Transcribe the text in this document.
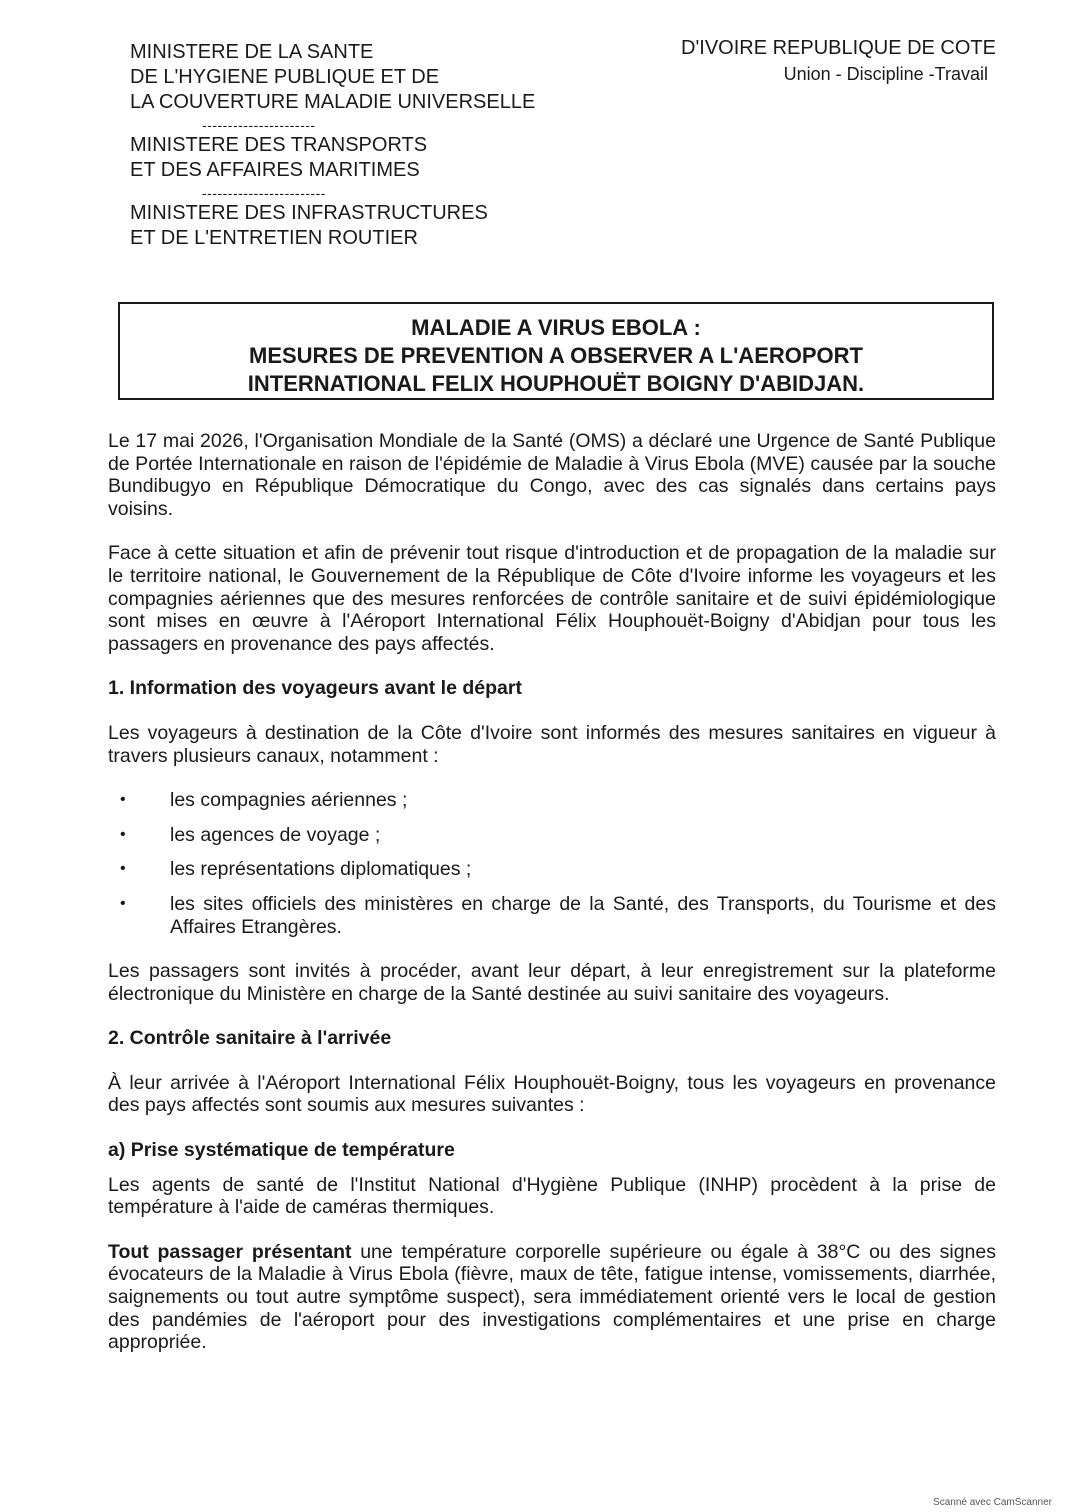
MINISTERE DE LA SANTE
DE L'HYGIENE PUBLIQUE ET DE
LA COUVERTURE MALADIE UNIVERSELLE
----------------------
MINISTERE DES TRANSPORTS
ET DES AFFAIRES MARITIMES
------------------------
MINISTERE DES INFRASTRUCTURES
ET DE L'ENTRETIEN ROUTIER
D'IVOIRE REPUBLIQUE DE COTE
Union - Discipline -Travail
MALADIE A VIRUS EBOLA :
MESURES DE PREVENTION A OBSERVER A L'AEROPORT
INTERNATIONAL FELIX HOUPHOUËT BOIGNY D'ABIDJAN.

Le 17 mai 2026, l'Organisation Mondiale de la Santé (OMS) a déclaré une Urgence de Santé Publique de Portée Internationale en raison de l'épidémie de Maladie à Virus Ebola (MVE) causée par la souche Bundibugyo en République Démocratique du Congo, avec des cas signalés dans certains pays voisins.

Face à cette situation et afin de prévenir tout risque d'introduction et de propagation de la maladie sur le territoire national, le Gouvernement de la République de Côte d'Ivoire informe les voyageurs et les compagnies aériennes que des mesures renforcées de contrôle sanitaire et de suivi épidémiologique sont mises en œuvre à l'Aéroport International Félix Houphouët-Boigny d'Abidjan pour tous les passagers en provenance des pays affectés.

1. Information des voyageurs avant le départ

Les voyageurs à destination de la Côte d'Ivoire sont informés des mesures sanitaires en vigueur à travers plusieurs canaux, notamment :

• les compagnies aériennes ;
• les agences de voyage ;
• les représentations diplomatiques ;
• les sites officiels des ministères en charge de la Santé, des Transports, du Tourisme et des Affaires Etrangères.

Les passagers sont invités à procéder, avant leur départ, à leur enregistrement sur la plateforme électronique du Ministère en charge de la Santé destinée au suivi sanitaire des voyageurs.

2. Contrôle sanitaire à l'arrivée

À leur arrivée à l'Aéroport International Félix Houphouët-Boigny, tous les voyageurs en provenance des pays affectés sont soumis aux mesures suivantes :

a) Prise systématique de température

Les agents de santé de l'Institut National d'Hygiène Publique (INHP) procèdent à la prise de température à l'aide de caméras thermiques.

Tout passager présentant une température corporelle supérieure ou égale à 38°C ou des signes évocateurs de la Maladie à Virus Ebola (fièvre, maux de tête, fatigue intense, vomissements, diarrhée, saignements ou tout autre symptôme suspect), sera immédiatement orienté vers le local de gestion des pandémies de l'aéroport pour des investigations complémentaires et une prise en charge appropriée.

Scanné avec CamScanner
